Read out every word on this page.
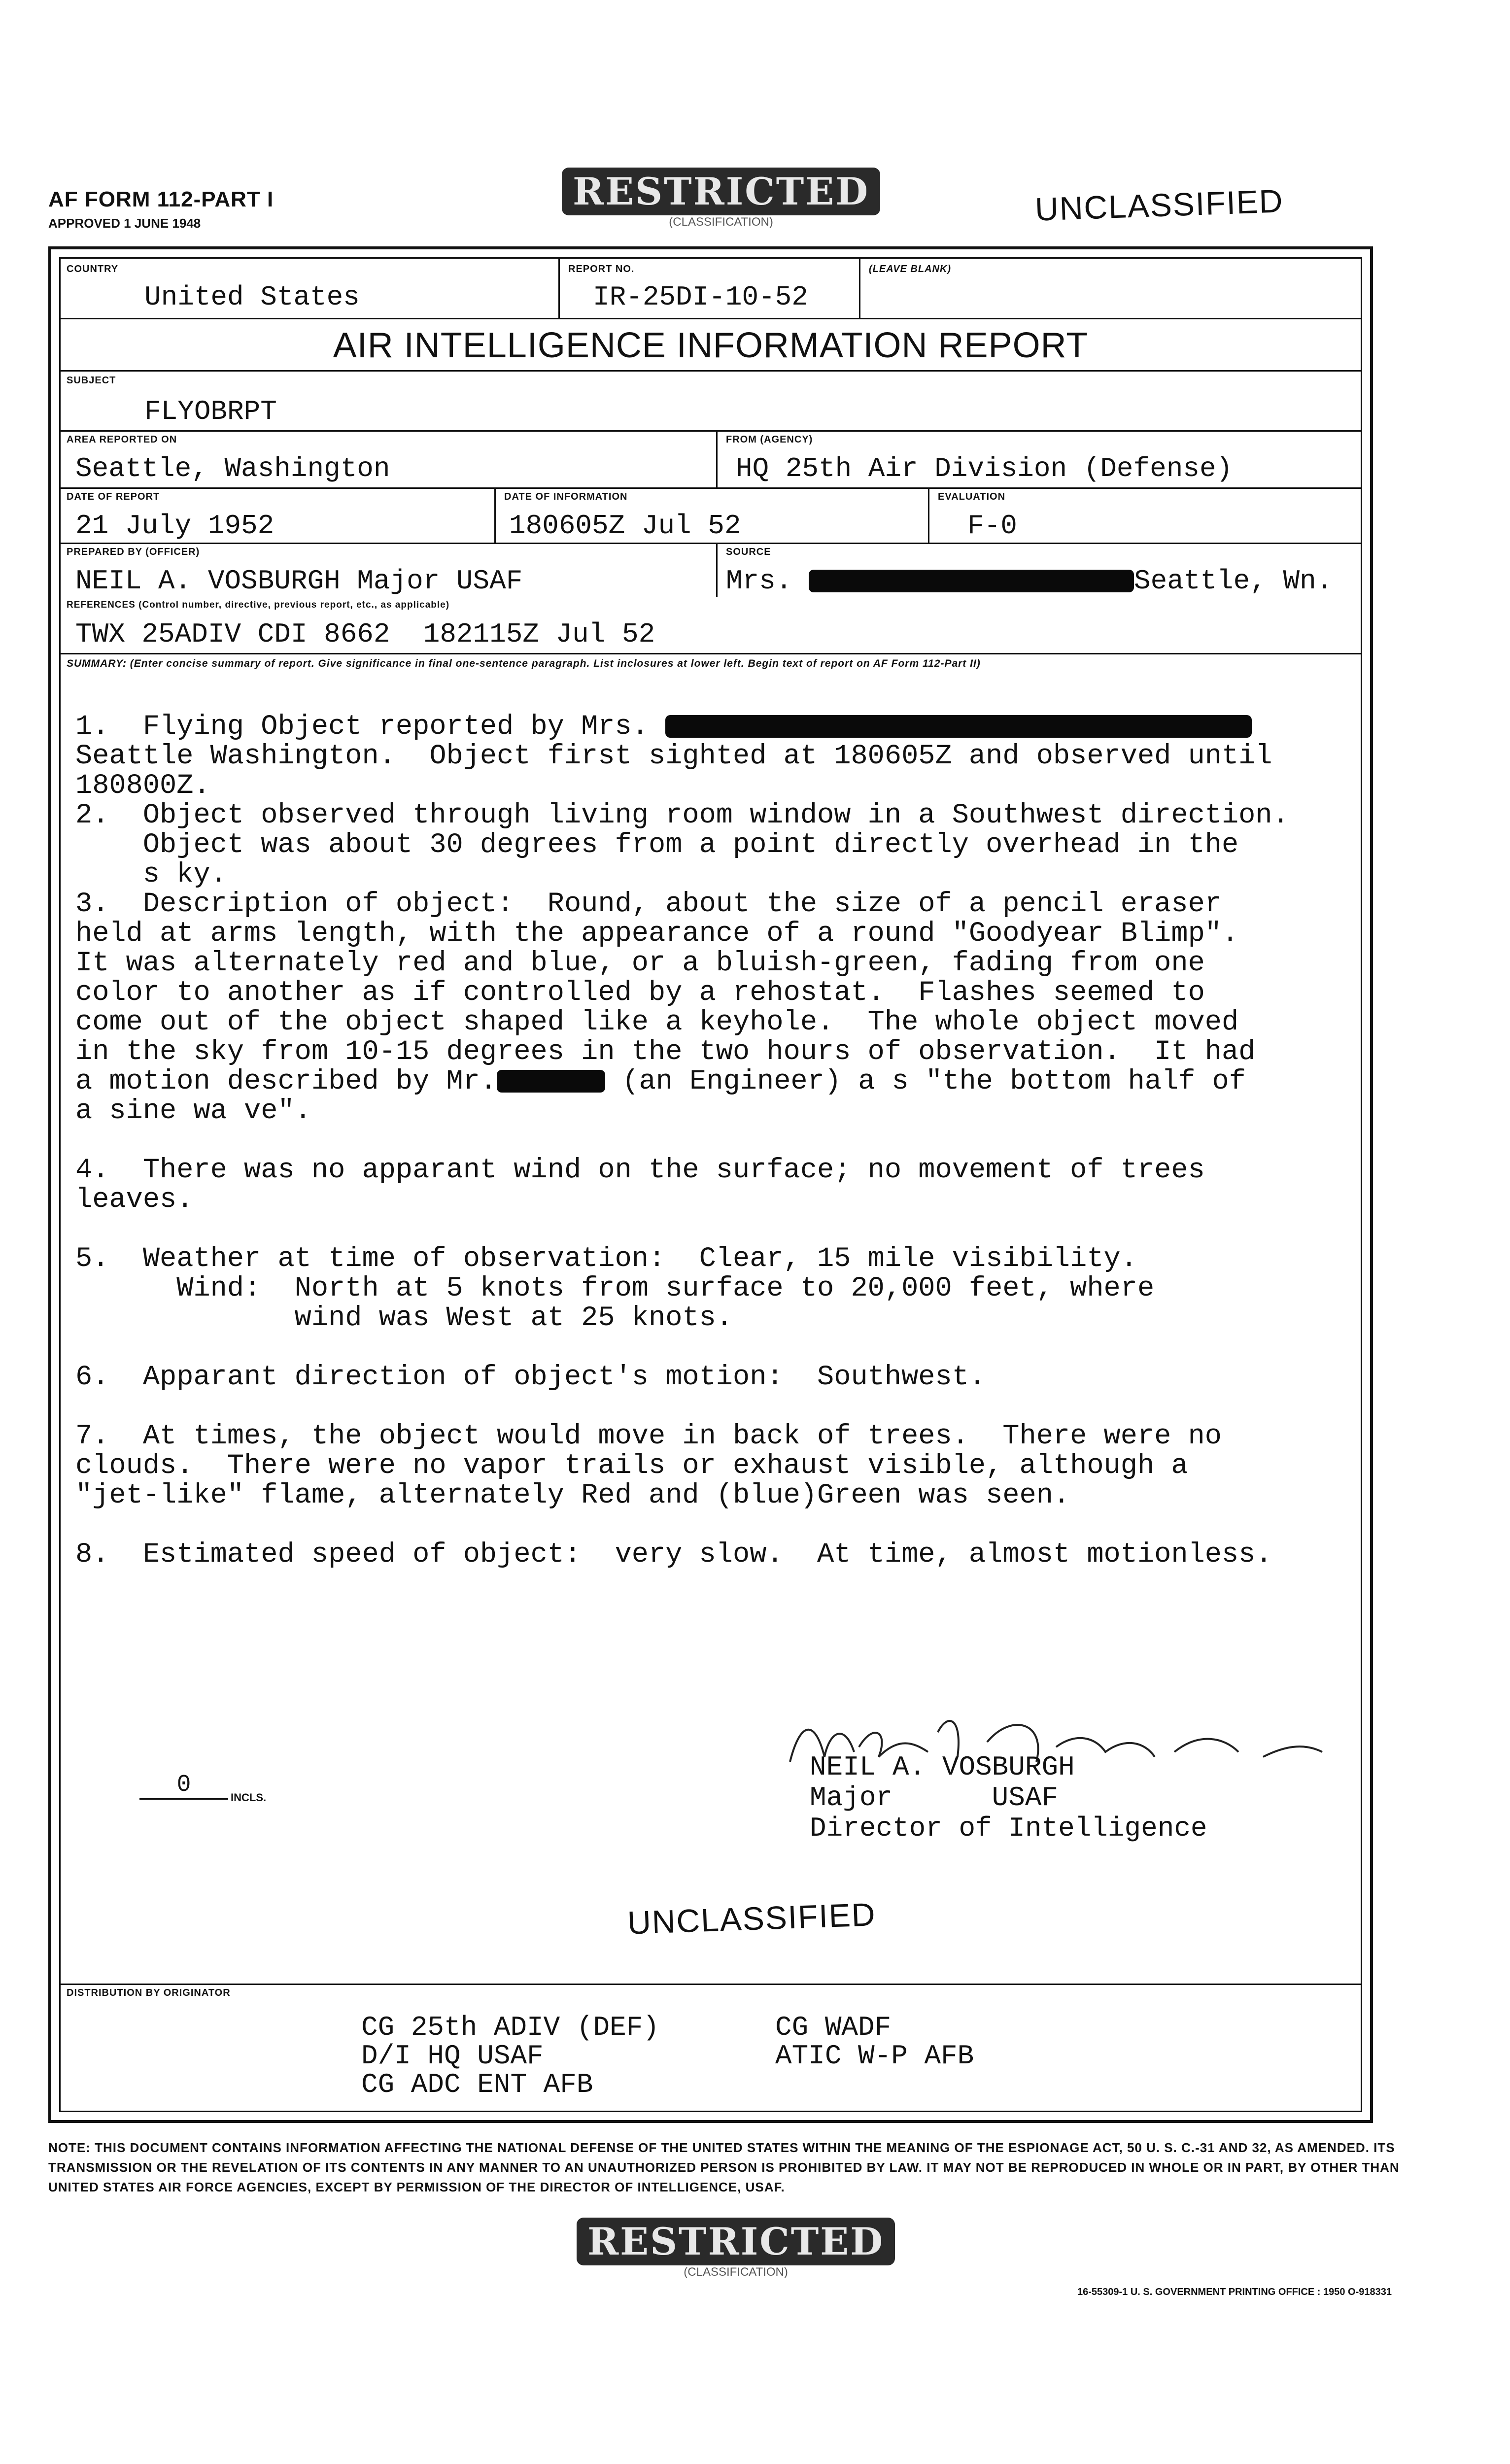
AF FORM 112-PART I
APPROVED 1 JUNE 1948
RESTRICTED
(CLASSIFICATION)	UNCLASSIFIED
COUNTRY
United States
REPORT NO.
IR-25DI-10-52
(LEAVE BLANK)
AIR INTELLIGENCE INFORMATION REPORT
SUBJECT
FLYOBRPT
AREA REPORTED ON
Seattle, Washington
FROM (AGENCY)
HQ 25th Air Division (Defense)
DATE OF REPORT
21 July 1952
DATE OF INFORMATION
180605Z Jul 52
EVALUATION
F-0
PREPARED BY (OFFICER)
NEIL A. VOSBURGH Major USAF
SOURCE
Mrs.	Seattle, Wn.
REFERENCES (Control number, directive, previous report, etc., as applicable)
TWX 25ADIV CDI 8662  182115Z Jul 52
SUMMARY: (Enter concise summary of report. Give significance in final one-sentence paragraph. List inclosures at lower left. Begin text of report on AF Form 112-Part II)
1.  Flying Object reported by Mrs.
Seattle Washington.  Object first sighted at 180605Z and observed until
180800Z.
2.  Object observed through living room window in a Southwest direction.
Object was about 30 degrees from a point directly overhead in the
s ky.
3.  Description of object:  Round, about the size of a pencil eraser
held at arms length, with the appearance of a round "Goodyear Blimp".
It was alternately red and blue, or a bluish-green, fading from one
color to another as if controlled by a rehostat.  Flashes seemed to
come out of the object shaped like a keyhole.  The whole object moved
in the sky from 10-15 degrees in the two hours of observation.  It had
a motion described by Mr.	(an Engineer) a s "the bottom half of
a sine wa ve".
4.  There was no apparant wind on the surface; no movement of trees
leaves.
5.  Weather at time of observation:  Clear, 15 mile visibility.
Wind:  North at 5 knots from surface to 20,000 feet, where
wind was West at 25 knots.
6.  Apparant direction of object's motion:  Southwest.
7.  At times, the object would move in back of trees.  There were no
clouds.  There were no vapor trails or exhaust visible, although a
"jet-like" flame, alternately Red and (blue)Green was seen.
8.  Estimated speed of object:  very slow.  At time, almost motionless.
NEIL A. VOSBURGH
Major      USAF
Director of Intelligence
0	INCLS.
UNCLASSIFIED
DISTRIBUTION BY ORIGINATOR
CG 25th ADIV (DEF)
D/I HQ USAF
CG ADC ENT AFB
CG WADF
ATIC W-P AFB
NOTE: THIS DOCUMENT CONTAINS INFORMATION AFFECTING THE NATIONAL DEFENSE OF THE UNITED STATES WITHIN THE MEANING OF THE ESPIONAGE ACT, 50 U. S. C.-31 AND 32, AS AMENDED. ITS TRANSMISSION OR THE REVELATION OF ITS CONTENTS IN ANY MANNER TO AN UNAUTHORIZED PERSON IS PROHIBITED BY LAW. IT MAY NOT BE REPRODUCED IN WHOLE OR IN PART, BY OTHER THAN UNITED STATES AIR FORCE AGENCIES, EXCEPT BY PERMISSION OF THE DIRECTOR OF INTELLIGENCE, USAF.
RESTRICTED
(CLASSIFICATION)
16-55309-1 U. S. GOVERNMENT PRINTING OFFICE : 1950 O-918331
